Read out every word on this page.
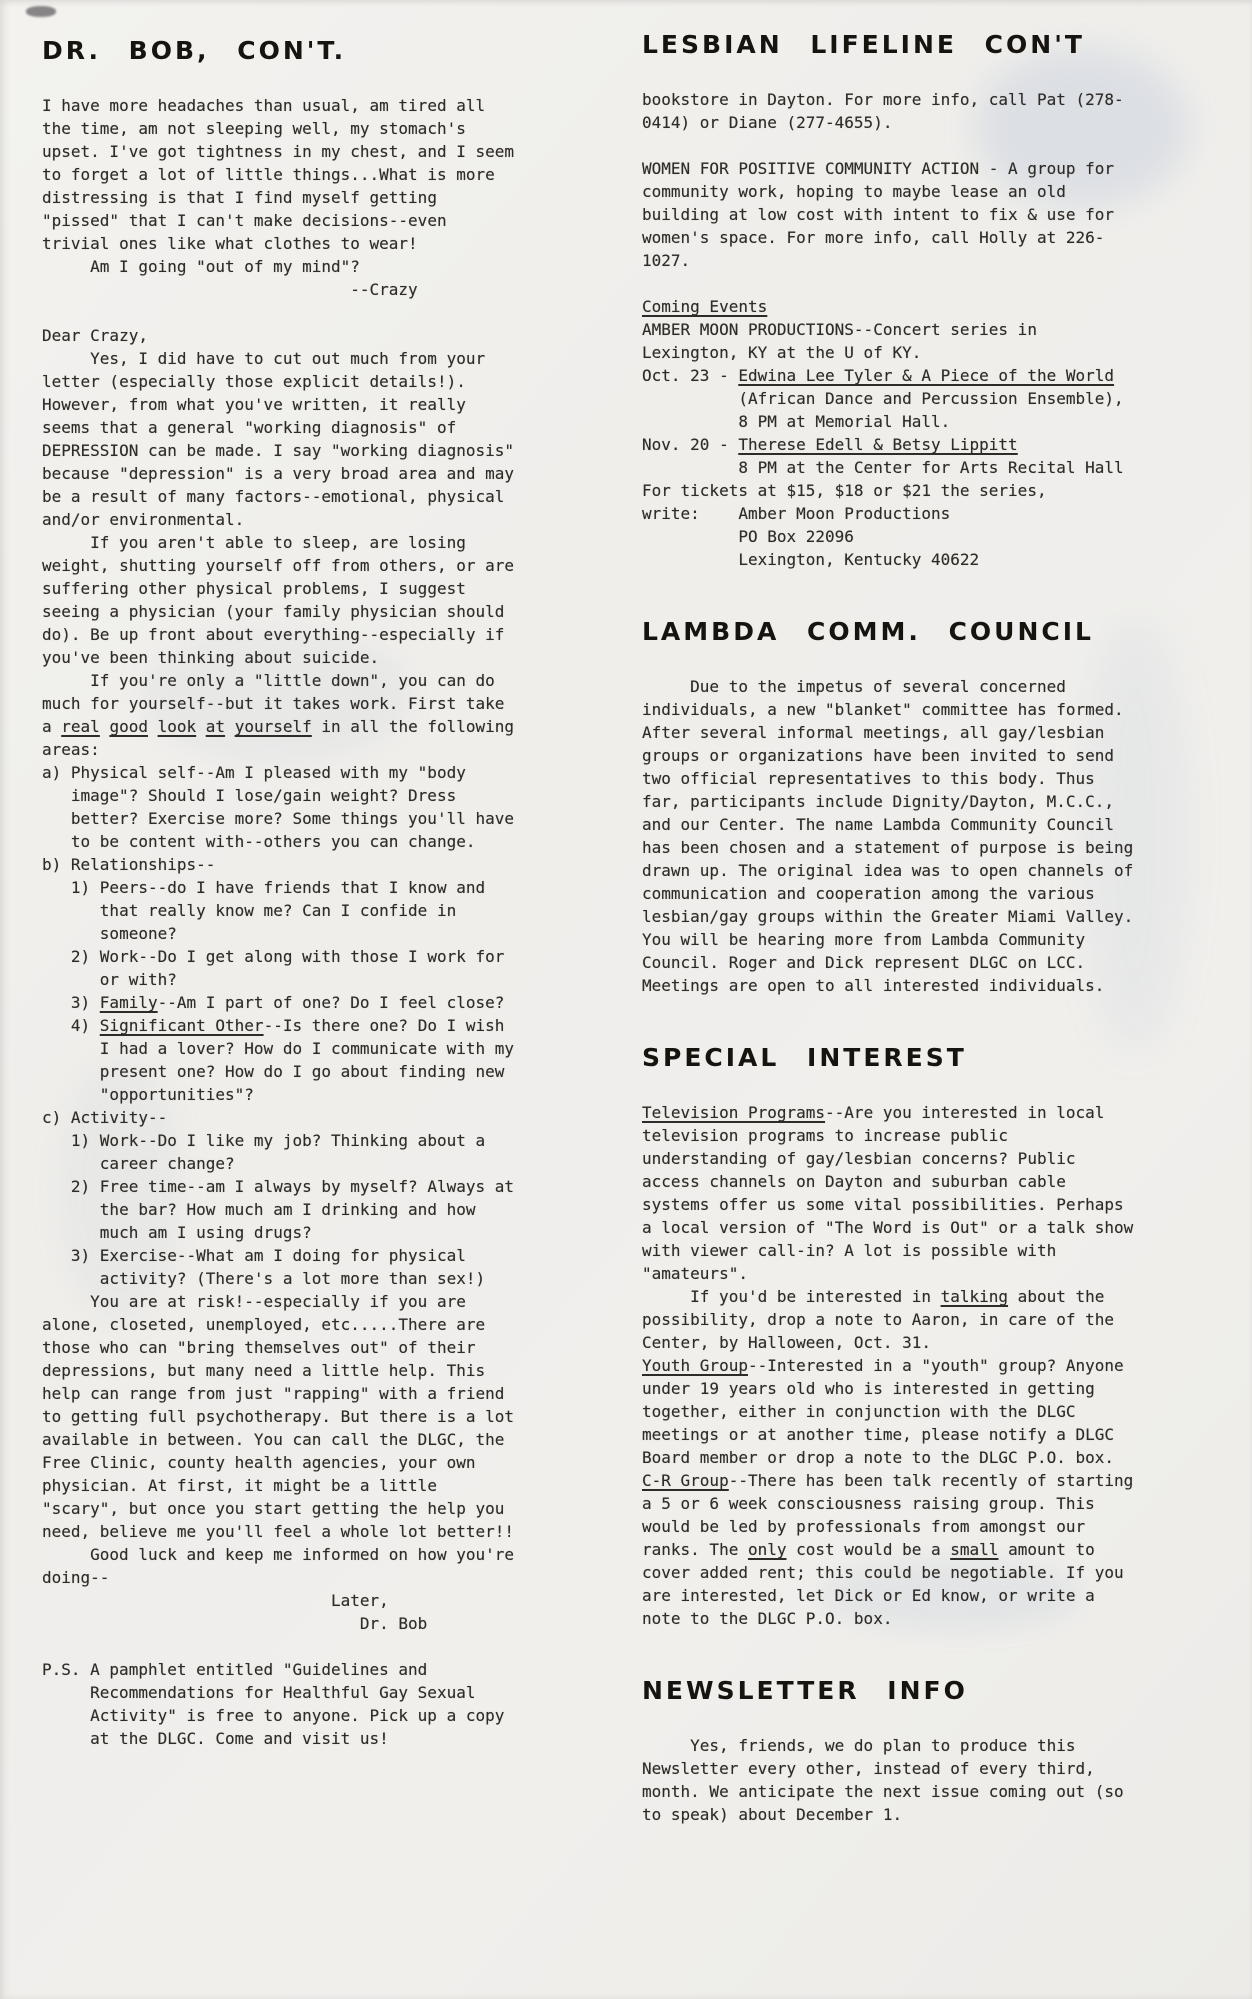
DR. BOB, CON'T.
I have more headaches than usual, am tired all the time, am not sleeping well, my stomach's upset. I've got tightness in my chest, and I seem to forget a lot of little things...What is more distressing is that I find myself getting "pissed" that I can't make decisions--even trivial ones like what clothes to wear!
Am I going "out of my mind"?
--Crazy
Dear Crazy,
Yes, I did have to cut out much from your letter (especially those explicit details!). However, from what you've written, it really seems that a general "working diagnosis" of DEPRESSION can be made. I say "working diagnosis" because "depression" is a very broad area and may be a result of many factors--emotional, physical and/or environmental.
If you aren't able to sleep, are losing weight, shutting yourself off from others, or are suffering other physical problems, I suggest seeing a physician (your family physician should do). Be up front about everything--especially if you've been thinking about suicide.
If you're only a "little down", you can do much for yourself--but it takes work. First take a real good look at yourself in all the following areas:
a) Physical self--Am I pleased with my "body image"? Should I lose/gain weight? Dress better? Exercise more? Some things you'll have to be content with--others you can change.
b) Relationships--
1) Peers--do I have friends that I know and that really know me? Can I confide in someone?
2) Work--Do I get along with those I work for or with?
3) Family--Am I part of one? Do I feel close?
4) Significant Other--Is there one? Do I wish I had a lover? How do I communicate with my present one? How do I go about finding new "opportunities"?
c) Activity--
1) Work--Do I like my job? Thinking about a career change?
2) Free time--am I always by myself? Always at the bar? How much am I drinking and how much am I using drugs?
3) Exercise--What am I doing for physical activity? (There's a lot more than sex!)
You are at risk!--especially if you are alone, closeted, unemployed, etc.....There are those who can "bring themselves out" of their depressions, but many need a little help. This help can range from just "rapping" with a friend to getting full psychotherapy. But there is a lot available in between. You can call the DLGC, the Free Clinic, county health agencies, your own physician. At first, it might be a little "scary", but once you start getting the help you need, believe me you'll feel a whole lot better!!
Good luck and keep me informed on how you're doing--
Later,
Dr. Bob
P.S. A pamphlet entitled "Guidelines and Recommendations for Healthful Gay Sexual Activity" is free to anyone. Pick up a copy at the DLGC. Come and visit us!
LESBIAN LIFELINE CON'T
bookstore in Dayton. For more info, call Pat (278-0414) or Diane (277-4655).
WOMEN FOR POSITIVE COMMUNITY ACTION - A group for community work, hoping to maybe lease an old building at low cost with intent to fix & use for women's space. For more info, call Holly at 226-1027.
Coming Events
AMBER MOON PRODUCTIONS--Concert series in Lexington, KY at the U of KY.
Oct. 23 - Edwina Lee Tyler & A Piece of the World (African Dance and Percussion Ensemble), 8 PM at Memorial Hall.
Nov. 20 - Therese Edell & Betsy Lippitt
8 PM at the Center for Arts Recital Hall
For tickets at $15, $18 or $21 the series,
write: Amber Moon Productions
PO Box 22096
Lexington, Kentucky 40622
LAMBDA COMM. COUNCIL
Due to the impetus of several concerned individuals, a new "blanket" committee has formed. After several informal meetings, all gay/lesbian groups or organizations have been invited to send two official representatives to this body. Thus far, participants include Dignity/Dayton, M.C.C., and our Center. The name Lambda Community Council has been chosen and a statement of purpose is being drawn up. The original idea was to open channels of communication and cooperation among the various lesbian/gay groups within the Greater Miami Valley. You will be hearing more from Lambda Community Council. Roger and Dick represent DLGC on LCC. Meetings are open to all interested individuals.
SPECIAL INTEREST
Television Programs--Are you interested in local television programs to increase public understanding of gay/lesbian concerns? Public access channels on Dayton and suburban cable systems offer us some vital possibilities. Perhaps a local version of "The Word is Out" or a talk show with viewer call-in? A lot is possible with "amateurs".
If you'd be interested in talking about the possibility, drop a note to Aaron, in care of the Center, by Halloween, Oct. 31.
Youth Group--Interested in a "youth" group? Anyone under 19 years old who is interested in getting together, either in conjunction with the DLGC meetings or at another time, please notify a DLGC Board member or drop a note to the DLGC P.O. box.
C-R Group--There has been talk recently of starting a 5 or 6 week consciousness raising group. This would be led by professionals from amongst our ranks. The only cost would be a small amount to cover added rent; this could be negotiable. If you are interested, let Dick or Ed know, or write a note to the DLGC P.O. box.
NEWSLETTER INFO
Yes, friends, we do plan to produce this Newsletter every other, instead of every third, month. We anticipate the next issue coming out (so to speak) about December 1.
